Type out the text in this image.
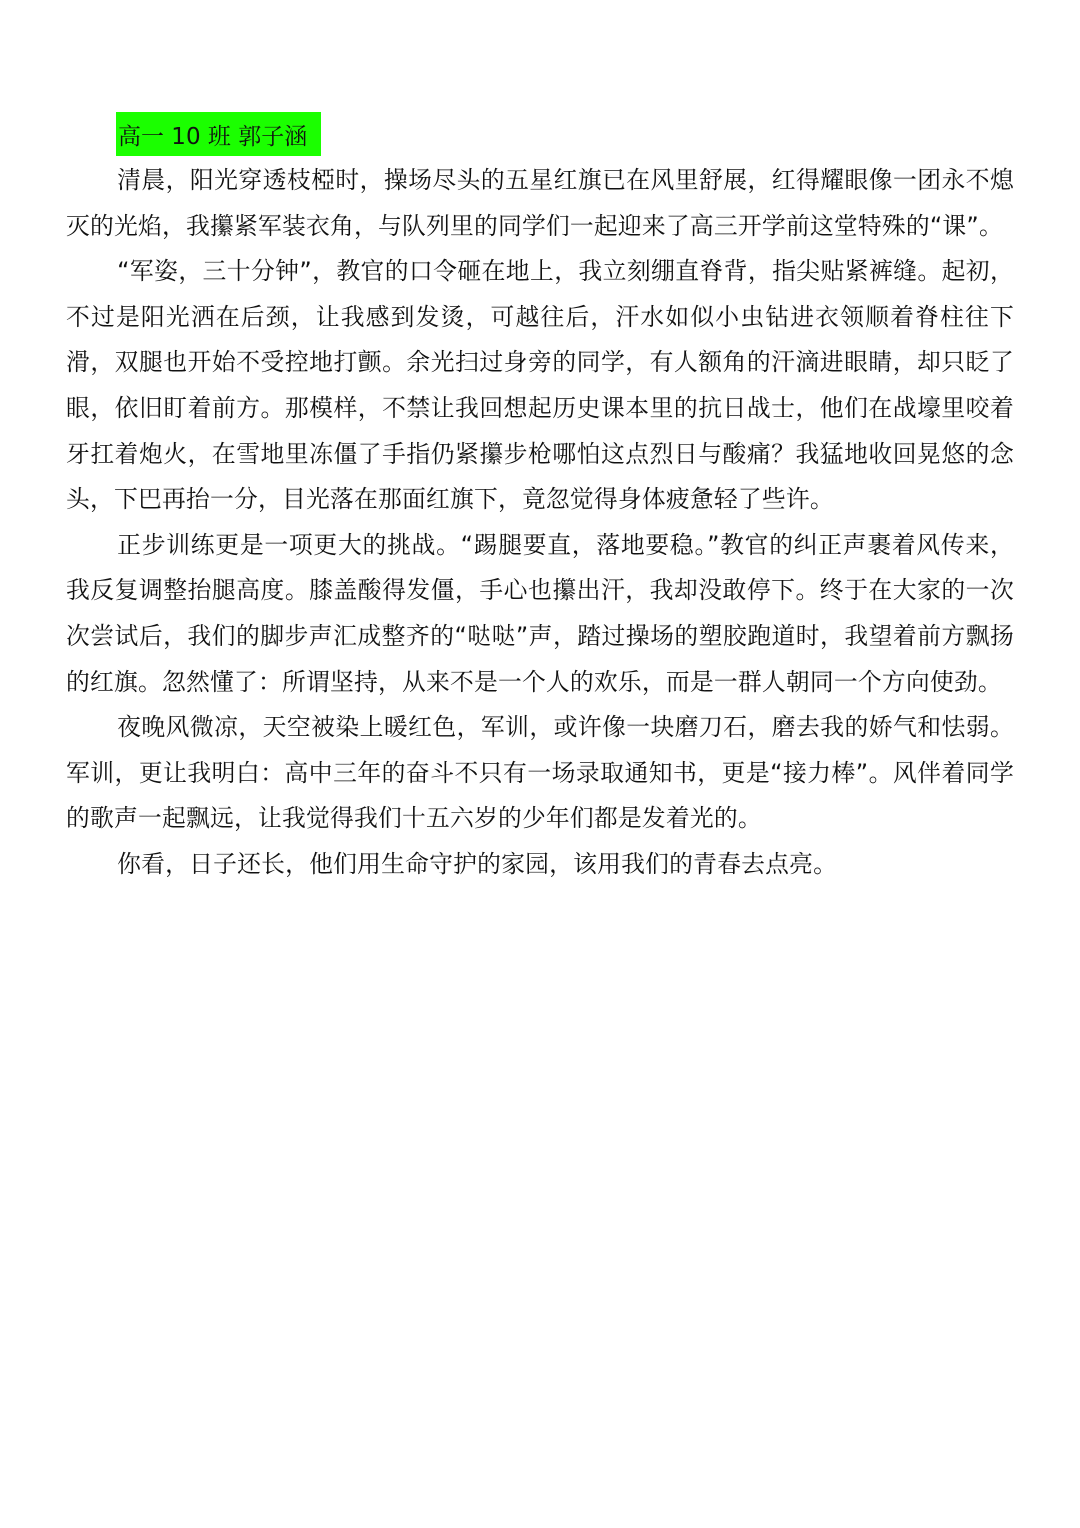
高一 10 班 郭子涵

清晨，阳光穿透枝椏时，操场尽头的五星红旗已在风里舒展，红得耀眼像一团永不熄灭的光焰，我攥紧军装衣角，与队列里的同学们一起迎来了高三开学前这堂特殊的“课”。

“军姿，三十分钟”，教官的口令砸在地上，我立刻绷直脊背，指尖贴紧裤缝。起初，不过是阳光洒在后颈，让我感到发烫，可越往后，汗水如似小虫钻进衣领顺着脊柱往下滑，双腿也开始不受控地打颤。余光扫过身旁的同学，有人额角的汗滴进眼睛，却只眨了眼，依旧盯着前方。那模样，不禁让我回想起历史课本里的抗日战士，他们在战壕里咬着牙扛着炮火，在雪地里冻僵了手指仍紧攥步枪哪怕这点烈日与酸痛？我猛地收回晃悠的念头，下巴再抬一分，目光落在那面红旗下，竟忽觉得身体疲惫轻了些许。

正步训练更是一项更大的挑战。“踢腿要直，落地要稳。”教官的纠正声裹着风传来，我反复调整抬腿高度。膝盖酸得发僵，手心也攥出汗，我却没敢停下。终于在大家的一次次尝试后，我们的脚步声汇成整齐的“哒哒”声，踏过操场的塑胶跑道时，我望着前方飘扬的红旗。忽然懂了：所谓坚持，从来不是一个人的欢乐，而是一群人朝同一个方向使劲。

夜晚风微凉，天空被染上暖红色，军训，或许像一块磨刀石，磨去我的娇气和怯弱。军训，更让我明白：高中三年的奋斗不只有一场录取通知书，更是“接力棒”。风伴着同学的歌声一起飘远，让我觉得我们十五六岁的少年们都是发着光的。

你看，日子还长，他们用生命守护的家园，该用我们的青春去点亮。
